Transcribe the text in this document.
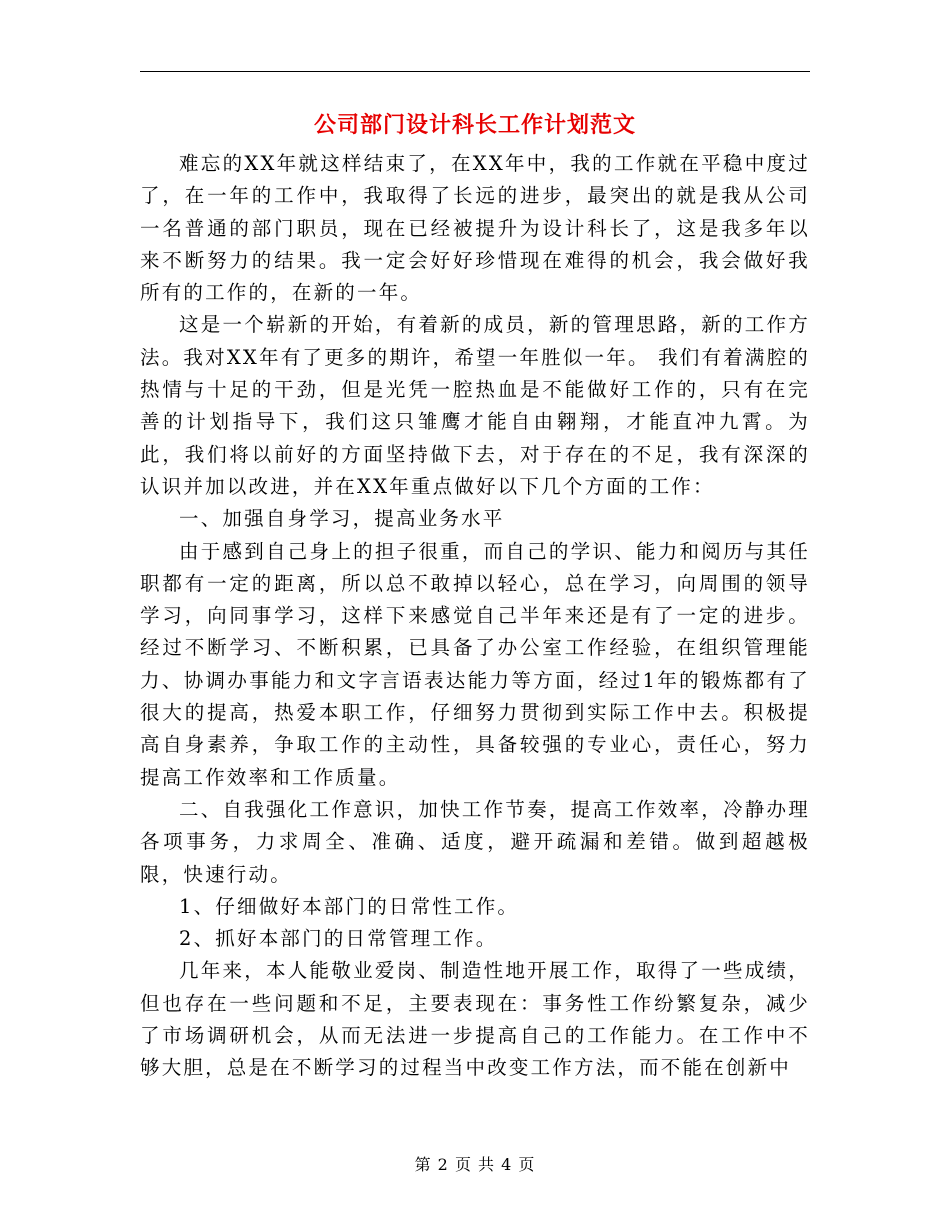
公司部门设计科长工作计划范文

难忘的XX年就这样结束了，在XX年中，我的工作就在平稳中度过了，在一年的工作中，我取得了长远的进步，最突出的就是我从公司一名普通的部门职员，现在已经被提升为设计科长了，这是我多年以来不断努力的结果。我一定会好好珍惜现在难得的机会，我会做好我所有的工作的，在新的一年。

这是一个崭新的开始，有着新的成员，新的管理思路，新的工作方法。我对XX年有了更多的期许，希望一年胜似一年。 我们有着满腔的热情与十足的干劲，但是光凭一腔热血是不能做好工作的，只有在完善的计划指导下，我们这只雏鹰才能自由翱翔，才能直冲九霄。为此，我们将以前好的方面坚持做下去，对于存在的不足，我有深深的认识并加以改进，并在XX年重点做好以下几个方面的工作：

一、加强自身学习，提高业务水平

由于感到自己身上的担子很重，而自己的学识、能力和阅历与其任职都有一定的距离，所以总不敢掉以轻心，总在学习，向周围的领导学习，向同事学习，这样下来感觉自己半年来还是有了一定的进步。经过不断学习、不断积累，已具备了办公室工作经验，在组织管理能力、协调办事能力和文字言语表达能力等方面，经过1年的锻炼都有了很大的提高，热爱本职工作，仔细努力贯彻到实际工作中去。积极提高自身素养，争取工作的主动性，具备较强的专业心，责任心，努力提高工作效率和工作质量。

二、自我强化工作意识，加快工作节奏，提高工作效率，冷静办理各项事务，力求周全、准确、适度，避开疏漏和差错。做到超越极限，快速行动。

1、仔细做好本部门的日常性工作。

2、抓好本部门的日常管理工作。

几年来，本人能敬业爱岗、制造性地开展工作，取得了一些成绩，但也存在一些问题和不足，主要表现在：事务性工作纷繁复杂，减少了市场调研机会，从而无法进一步提高自己的工作能力。在工作中不够大胆，总是在不断学习的过程当中改变工作方法，而不能在创新中

第 2 页 共 4 页
